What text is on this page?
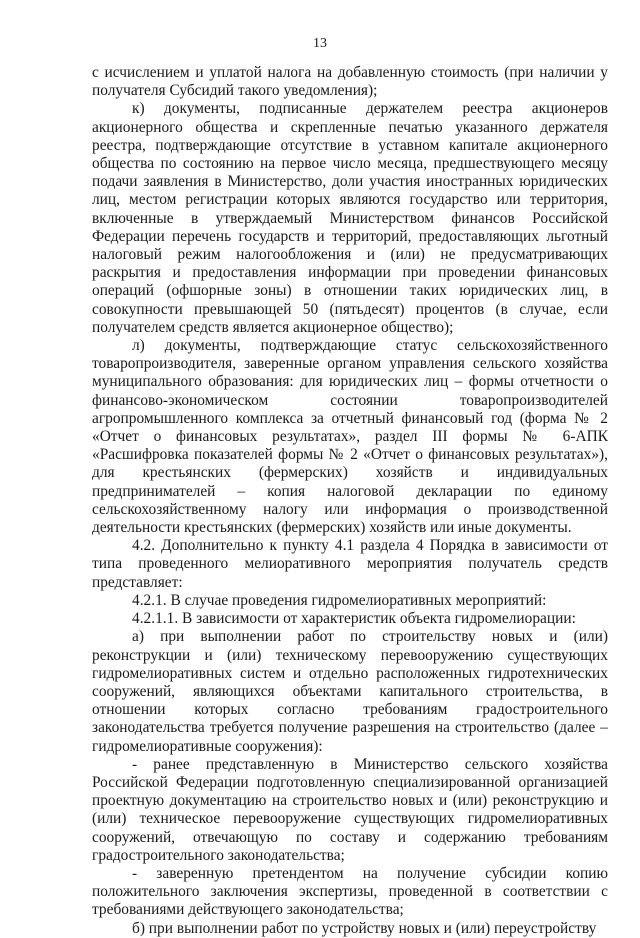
13

с исчислением и уплатой налога на добавленную стоимость (при наличии у получателя Субсидий такого уведомления);

к) документы, подписанные держателем реестра акционеров акционерного общества и скрепленные печатью указанного держателя реестра, подтверждающие отсутствие в уставном капитале акционерного общества по состоянию на первое число месяца, предшествующего месяцу подачи заявления в Министерство, доли участия иностранных юридических лиц, местом регистрации которых являются государство или территория, включенные в утверждаемый Министерством финансов Российской Федерации перечень государств и территорий, предоставляющих льготный налоговый режим налогообложения и (или) не предусматривающих раскрытия и предоставления информации при проведении финансовых операций (офшорные зоны) в отношении таких юридических лиц, в совокупности превышающей 50 (пятьдесят) процентов (в случае, если получателем средств является акционерное общество);

л) документы, подтверждающие статус сельскохозяйственного товаропроизводителя, заверенные органом управления сельского хозяйства муниципального образования: для юридических лиц – формы отчетности о финансово-экономическом состоянии товаропроизводителей агропромышленного комплекса за отчетный финансовый год (форма № 2 «Отчет о финансовых результатах», раздел III формы № 6-АПК «Расшифровка показателей формы № 2 «Отчет о финансовых результатах»), для крестьянских (фермерских) хозяйств и индивидуальных предпринимателей – копия налоговой декларации по единому сельскохозяйственному налогу или информация о производственной деятельности крестьянских (фермерских) хозяйств или иные документы.

4.2. Дополнительно к пункту 4.1 раздела 4 Порядка в зависимости от типа проведенного мелиоративного мероприятия получатель средств представляет:

4.2.1. В случае проведения гидромелиоративных мероприятий:

4.2.1.1. В зависимости от характеристик объекта гидромелиорации:

а) при выполнении работ по строительству новых и (или) реконструкции и (или) техническому перевооружению существующих гидромелиоративных систем и отдельно расположенных гидротехнических сооружений, являющихся объектами капитального строительства, в отношении которых согласно требованиям градостроительного законодательства требуется получение разрешения на строительство (далее – гидромелиоративные сооружения):

- ранее представленную в Министерство сельского хозяйства Российской Федерации подготовленную специализированной организацией проектную документацию на строительство новых и (или) реконструкцию и (или) техническое перевооружение существующих гидромелиоративных сооружений, отвечающую по составу и содержанию требованиям градостроительного законодательства;

- заверенную претендентом на получение субсидии копию положительного заключения экспертизы, проведенной в соответствии с требованиями действующего законодательства;

б) при выполнении работ по устройству новых и (или) переустройству
